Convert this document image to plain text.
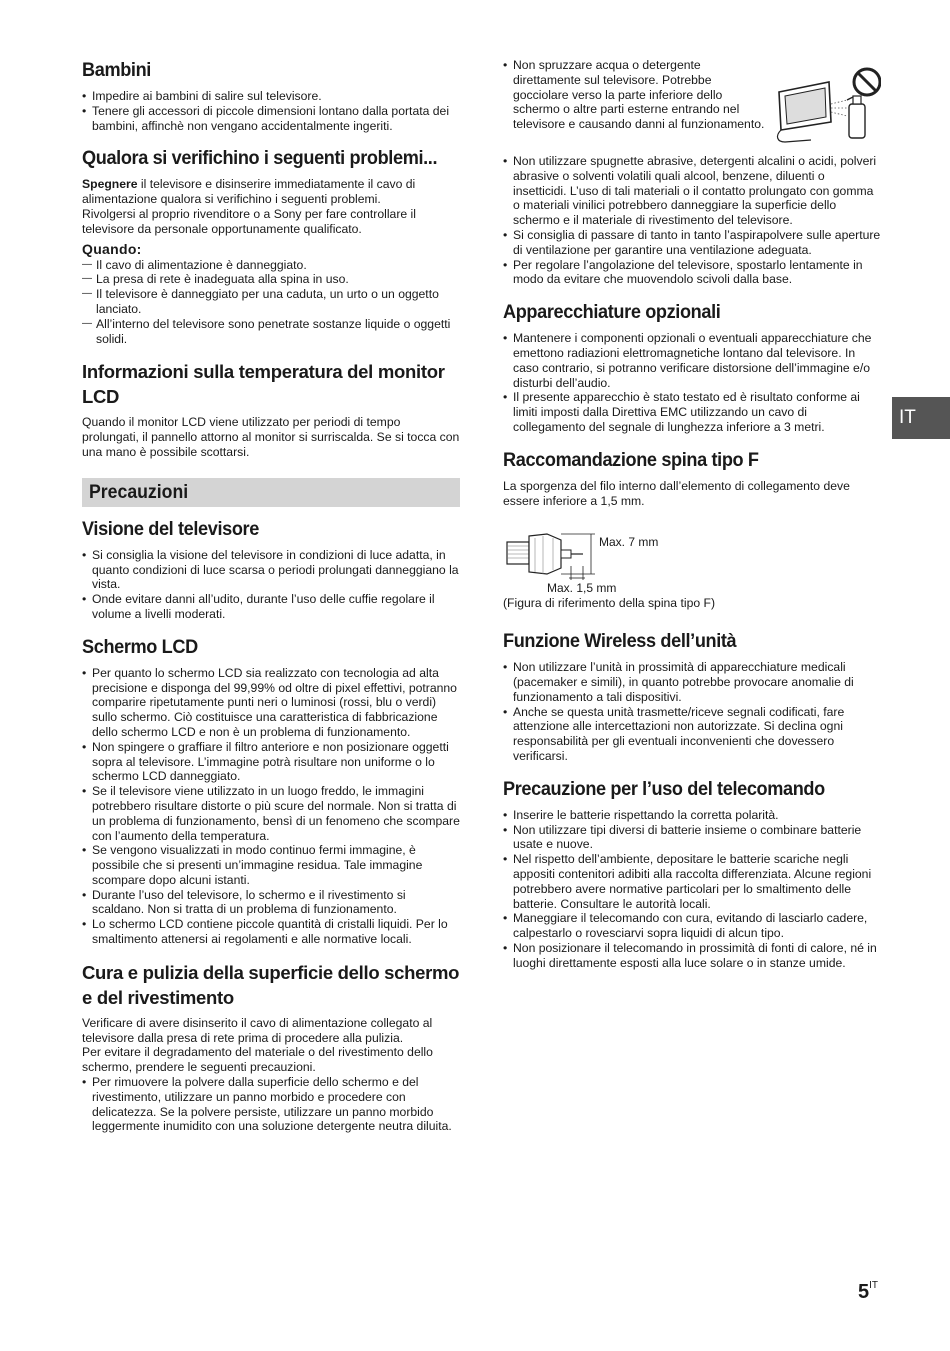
Bambini
• Impedire ai bambini di salire sul televisore.
• Tenere gli accessori di piccole dimensioni lontano dalla portata dei bambini, affinchè non vengano accidentalmente ingeriti.
Qualora si verifichino i seguenti problemi...

Spegnere il televisore e disinserire immediatamente il cavo di alimentazione qualora si verifichino i seguenti problemi.

Rivolgersi al proprio rivenditore o a Sony per fare controllare il televisore da personale opportunamente qualificato.

Quando:
— Il cavo di alimentazione è danneggiato.
— La presa di rete è inadeguata alla spina in uso.
— Il televisore è danneggiato per una caduta, un urto o un oggetto lanciato.
— All’interno del televisore sono penetrate sostanze liquide o oggetti solidi.
Informazioni sulla temperatura del monitor LCD

Quando il monitor LCD viene utilizzato per periodi di tempo prolungati, il pannello attorno al monitor si surriscalda. Se si tocca con una mano è possibile scottarsi.

Precauzioni
Visione del televisore
• Si consiglia la visione del televisore in condizioni di luce adatta, in quanto condizioni di luce scarsa o periodi prolungati danneggiano la vista.
• Onde evitare danni all’udito, durante l’uso delle cuffie regolare il volume a livelli moderati.
Schermo LCD
• Per quanto lo schermo LCD sia realizzato con tecnologia ad alta precisione e disponga del 99,99% od oltre di pixel effettivi, potranno comparire ripetutamente punti neri o luminosi (rossi, blu o verdi) sullo schermo. Ciò costituisce una caratteristica di fabbricazione dello schermo LCD e non è un problema di funzionamento.
• Non spingere o graffiare il filtro anteriore e non posizionare oggetti sopra al televisore. L’immagine potrà risultare non uniforme o lo schermo LCD danneggiato.
• Se il televisore viene utilizzato in un luogo freddo, le immagini potrebbero risultare distorte o più scure del normale. Non si tratta di un problema di funzionamento, bensì di un fenomeno che scompare con l’aumento della temperatura.
• Se vengono visualizzati in modo continuo fermi immagine, è possibile che si presenti un’immagine residua. Tale immagine scompare dopo alcuni istanti.
• Durante l’uso del televisore, lo schermo e il rivestimento si scaldano. Non si tratta di un problema di funzionamento.
• Lo schermo LCD contiene piccole quantità di cristalli liquidi. Per lo smaltimento attenersi ai regolamenti e alle normative locali.
Cura e pulizia della superficie dello schermo e del rivestimento

Verificare di avere disinserito il cavo di alimentazione collegato al televisore dalla presa di rete prima di procedere alla pulizia.

Per evitare il degradamento del materiale o del rivestimento dello schermo, prendere le seguenti precauzioni.

• Per rimuovere la polvere dalla superficie dello schermo e del rivestimento, utilizzare un panno morbido e procedere con delicatezza. Se la polvere persiste, utilizzare un panno morbido leggermente inumidito con una soluzione detergente neutra diluita.
• Non spruzzare acqua o detergente direttamente sul televisore. Potrebbe gocciolare verso la parte inferiore dello schermo o altre parti esterne entrando nel televisore e causando danni al funzionamento.
• Non utilizzare spugnette abrasive, detergenti alcalini o acidi, polveri abrasive o solventi volatili quali alcool, benzene, diluenti o insetticidi. L’uso di tali materiali o il contatto prolungato con gomma o materiali vinilici potrebbero danneggiare la superficie dello schermo e il materiale di rivestimento del televisore.
• Si consiglia di passare di tanto in tanto l’aspirapolvere sulle aperture di ventilazione per garantire una ventilazione adeguata.
• Per regolare l’angolazione del televisore, spostarlo lentamente in modo da evitare che muovendolo scivoli dalla base.
Apparecchiature opzionali
• Mantenere i componenti opzionali o eventuali apparecchiature che emettono radiazioni elettromagnetiche lontano dal televisore. In caso contrario, si potranno verificare distorsione dell’immagine e/o disturbi dell’audio.
• Il presente apparecchio è stato testato ed è risultato conforme ai limiti imposti dalla Direttiva EMC utilizzando un cavo di collegamento del segnale di lunghezza inferiore a 3 metri.
Raccomandazione spina tipo F

La sporgenza del filo interno dall’elemento di collegamento deve essere inferiore a 1,5 mm.

Max. 7 mm
Max. 1,5 mm

(Figura di riferimento della spina tipo F)

Funzione Wireless dell’unità
• Non utilizzare l’unità in prossimità di apparecchiature medicali (pacemaker e simili), in quanto potrebbe provocare anomalie di funzionamento a tali dispositivi.
• Anche se questa unità trasmette/riceve segnali codificati, fare attenzione alle intercettazioni non autorizzate. Si declina ogni responsabilità per gli eventuali inconvenienti che dovessero verificarsi.
Precauzione per l’uso del telecomando
• Inserire le batterie rispettando la corretta polarità.
• Non utilizzare tipi diversi di batterie insieme o combinare batterie usate e nuove.
• Nel rispetto dell’ambiente, depositare le batterie scariche negli appositi contenitori adibiti alla raccolta differenziata. Alcune regioni potrebbero avere normative particolari per lo smaltimento delle batterie. Consultare le autorità locali.
• Maneggiare il telecomando con cura, evitando di lasciarlo cadere, calpestarlo o rovesciarvi sopra liquidi di alcun tipo.
• Non posizionare il telecomando in prossimità di fonti di calore, né in luoghi direttamente esposti alla luce solare o in stanze umide.
IT
$5^{IT}$
